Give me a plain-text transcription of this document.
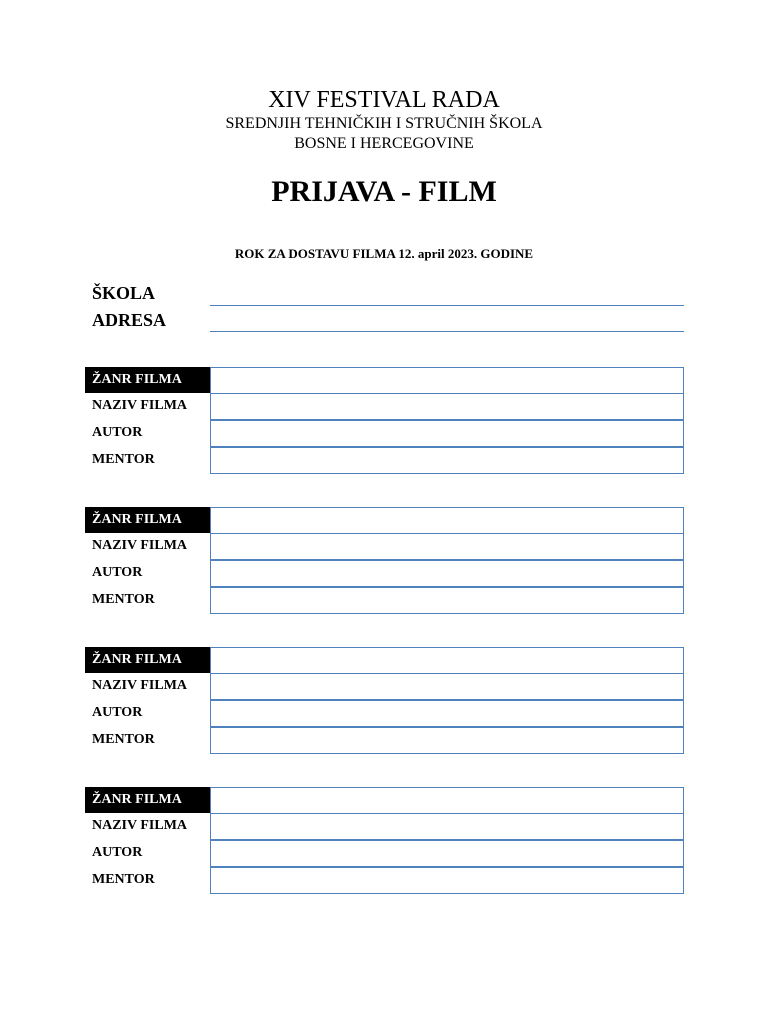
XIV FESTIVAL RADA
SREDNJIH TEHNIČKIH I STRUČNIH ŠKOLA
BOSNE I HERCEGOVINE
PRIJAVA - FILM
ROK ZA DOSTAVU FILMA 12. april 2023. GODINE
ŠKOLA
ADRESA
ŽANR FILMA
NAZIV FILMA
AUTOR
MENTOR
ŽANR FILMA
NAZIV FILMA
AUTOR
MENTOR
ŽANR FILMA
NAZIV FILMA
AUTOR
MENTOR
ŽANR FILMA
NAZIV FILMA
AUTOR
MENTOR
